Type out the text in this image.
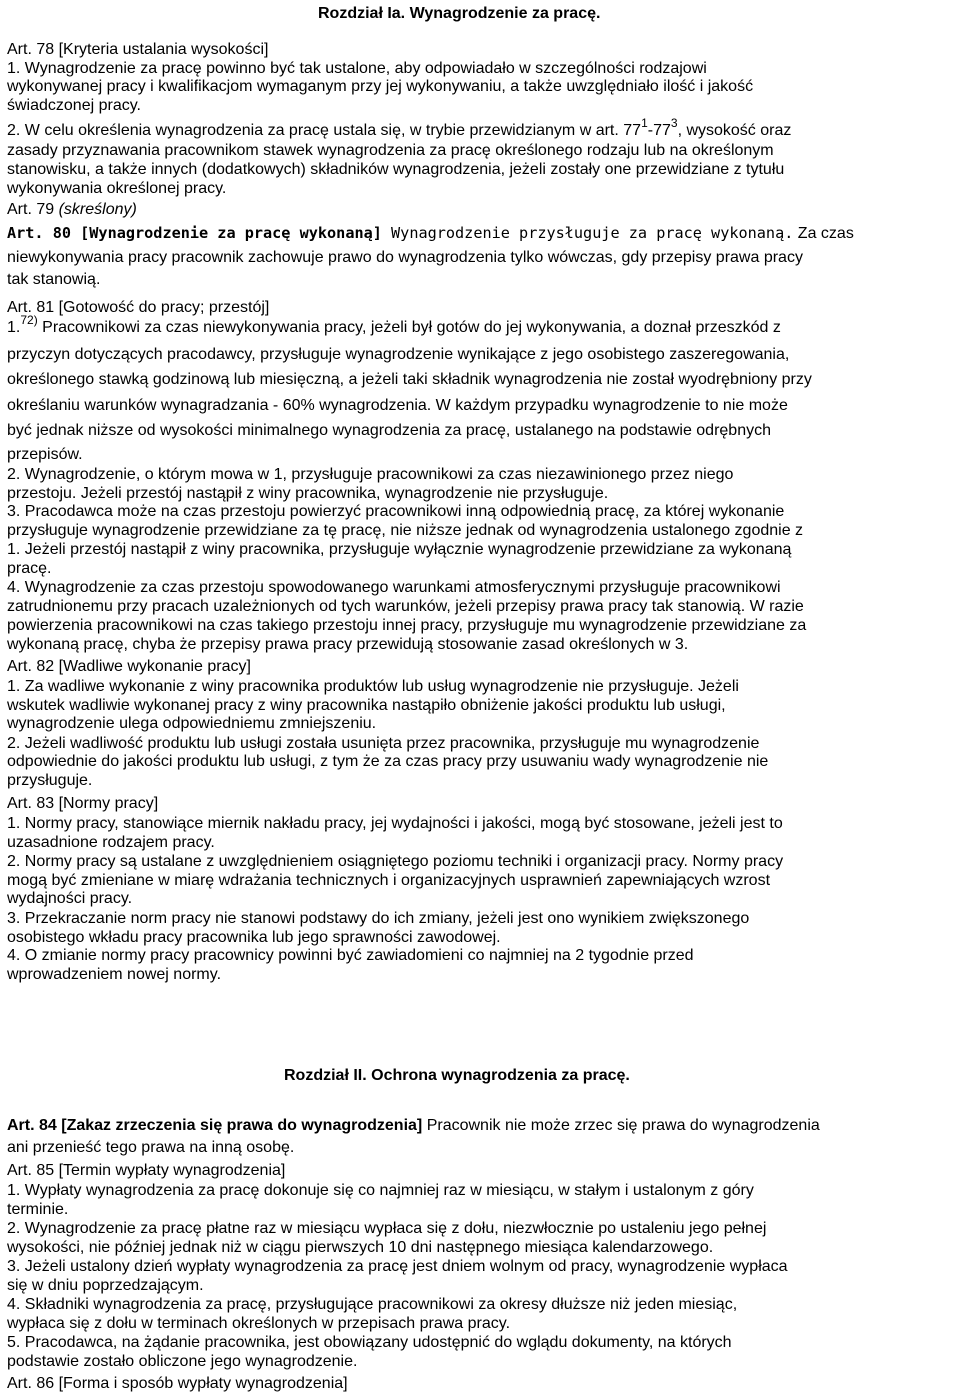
Rozdział Ia. Wynagrodzenie za pracę.
Art. 78 [Kryteria ustalania wysokości]
1. Wynagrodzenie za pracę powinno być tak ustalone, aby odpowiadało w szczególności rodzajowi
wykonywanej pracy i kwalifikacjom wymaganym przy jej wykonywaniu, a także uwzględniało ilość i jakość
świadczonej pracy.
2. W celu określenia wynagrodzenia za pracę ustala się, w trybie przewidzianym w art. $77^1-77^3$, wysokość oraz
zasady przyznawania pracownikom stawek wynagrodzenia za pracę określonego rodzaju lub na określonym
stanowisku, a także innych (dodatkowych) składników wynagrodzenia, jeżeli zostały one przewidziane z tytułu
wykonywania określonej pracy.
Art. 79 (skreślony)
Art. 80 [Wynagrodzenie za pracę wykonaną] Wynagrodzenie przysługuje za pracę wykonaną. Za czas
niewykonywania pracy pracownik zachowuje prawo do wynagrodzenia tylko wówczas, gdy przepisy prawa pracy
tak stanowią.
Art. 81 [Gotowość do pracy; przestój]
1.$^{72)}$ Pracownikowi za czas niewykonywania pracy, jeżeli był gotów do jej wykonywania, a doznał przeszkód z
przyczyn dotyczących pracodawcy, przysługuje wynagrodzenie wynikające z jego osobistego zaszeregowania,
określonego stawką godzinową lub miesięczną, a jeżeli taki składnik wynagrodzenia nie został wyodrębniony przy
określaniu warunków wynagradzania - 60% wynagrodzenia. W każdym przypadku wynagrodzenie to nie może
być jednak niższe od wysokości minimalnego wynagrodzenia za pracę, ustalanego na podstawie odrębnych
przepisów.
2. Wynagrodzenie, o którym mowa w 1, przysługuje pracownikowi za czas niezawinionego przez niego
przestoju. Jeżeli przestój nastąpił z winy pracownika, wynagrodzenie nie przysługuje.
3. Pracodawca może na czas przestoju powierzyć pracownikowi inną odpowiednią pracę, za której wykonanie
przysługuje wynagrodzenie przewidziane za tę pracę, nie niższe jednak od wynagrodzenia ustalonego zgodnie z
1. Jeżeli przestój nastąpił z winy pracownika, przysługuje wyłącznie wynagrodzenie przewidziane za wykonaną
pracę.
4. Wynagrodzenie za czas przestoju spowodowanego warunkami atmosferycznymi przysługuje pracownikowi
zatrudnionemu przy pracach uzależnionych od tych warunków, jeżeli przepisy prawa pracy tak stanowią. W razie
powierzenia pracownikowi na czas takiego przestoju innej pracy, przysługuje mu wynagrodzenie przewidziane za
wykonaną pracę, chyba że przepisy prawa pracy przewidują stosowanie zasad określonych w 3.
Art. 82 [Wadliwe wykonanie pracy]
1. Za wadliwe wykonanie z winy pracownika produktów lub usług wynagrodzenie nie przysługuje. Jeżeli
wskutek wadliwie wykonanej pracy z winy pracownika nastąpiło obniżenie jakości produktu lub usługi,
wynagrodzenie ulega odpowiedniemu zmniejszeniu.
2. Jeżeli wadliwość produktu lub usługi została usunięta przez pracownika, przysługuje mu wynagrodzenie
odpowiednie do jakości produktu lub usługi, z tym że za czas pracy przy usuwaniu wady wynagrodzenie nie
przysługuje.
Art. 83 [Normy pracy]
1. Normy pracy, stanowiące miernik nakładu pracy, jej wydajności i jakości, mogą być stosowane, jeżeli jest to
uzasadnione rodzajem pracy.
2. Normy pracy są ustalane z uwzględnieniem osiągniętego poziomu techniki i organizacji pracy. Normy pracy
mogą być zmieniane w miarę wdrażania technicznych i organizacyjnych usprawnień zapewniających wzrost
wydajności pracy.
3. Przekraczanie norm pracy nie stanowi podstawy do ich zmiany, jeżeli jest ono wynikiem zwiększonego
osobistego wkładu pracy pracownika lub jego sprawności zawodowej.
4. O zmianie normy pracy pracownicy powinni być zawiadomieni co najmniej na 2 tygodnie przed
wprowadzeniem nowej normy.
Rozdział II. Ochrona wynagrodzenia za pracę.
Art. 84 [Zakaz zrzeczenia się prawa do wynagrodzenia] Pracownik nie może zrzec się prawa do wynagrodzenia
ani przenieść tego prawa na inną osobę.
Art. 85 [Termin wypłaty wynagrodzenia]
1. Wypłaty wynagrodzenia za pracę dokonuje się co najmniej raz w miesiącu, w stałym i ustalonym z góry
terminie.
2. Wynagrodzenie za pracę płatne raz w miesiącu wypłaca się z dołu, niezwłocznie po ustaleniu jego pełnej
wysokości, nie później jednak niż w ciągu pierwszych 10 dni następnego miesiąca kalendarzowego.
3. Jeżeli ustalony dzień wypłaty wynagrodzenia za pracę jest dniem wolnym od pracy, wynagrodzenie wypłaca
się w dniu poprzedzającym.
4. Składniki wynagrodzenia za pracę, przysługujące pracownikowi za okresy dłuższe niż jeden miesiąc,
wypłaca się z dołu w terminach określonych w przepisach prawa pracy.
5. Pracodawca, na żądanie pracownika, jest obowiązany udostępnić do wglądu dokumenty, na których
podstawie zostało obliczone jego wynagrodzenie.
Art. 86 [Forma i sposób wypłaty wynagrodzenia]
